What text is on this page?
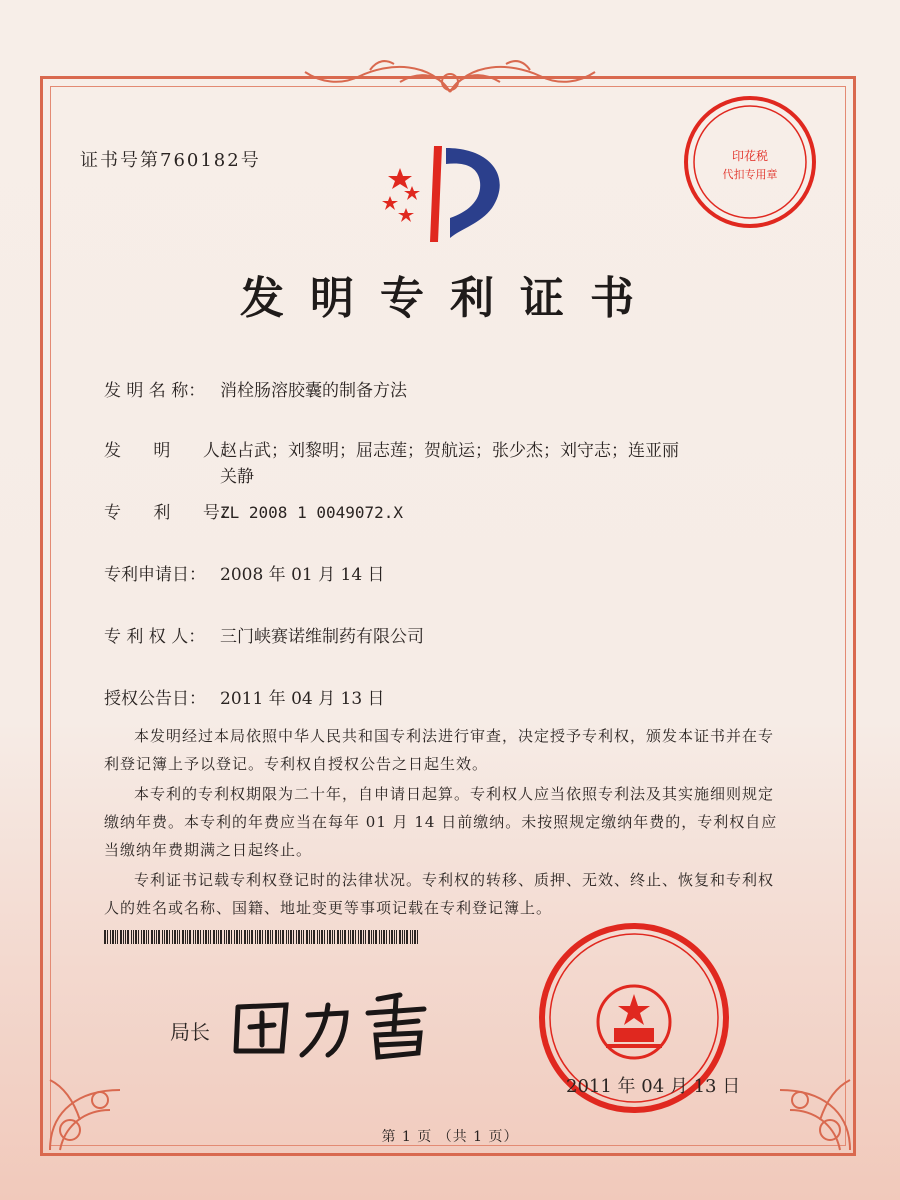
证书号第760182号	印花税
代扣专用章
发明专利证书
发 明 名 称： 消栓肠溶胶囊的制备方法
发      明      人：赵占武；刘黎明；屈志莲；贺航运；张少杰；刘守志；连亚丽
关静
专      利      号：ZL 2008 1 0049072.X
专利申请日： 2008 年 01 月 14 日
专 利 权 人： 三门峡赛诺维制药有限公司
授权公告日： 2011 年 04 月 13 日

本发明经过本局依照中华人民共和国专利法进行审查，决定授予专利权，颁发本证书并在专利登记簿上予以登记。专利权自授权公告之日起生效。

本专利的专利权期限为二十年，自申请日起算。专利权人应当依照专利法及其实施细则规定缴纳年费。本专利的年费应当在每年 01 月 14 日前缴纳。未按照规定缴纳年费的，专利权自应当缴纳年费期满之日起终止。

专利证书记载专利权登记时的法律状况。专利权的转移、质押、无效、终止、恢复和专利权人的姓名或名称、国籍、地址变更等事项记载在专利登记簿上。

局长
2011 年 04 月 13 日
第 1 页 （共 1 页）
